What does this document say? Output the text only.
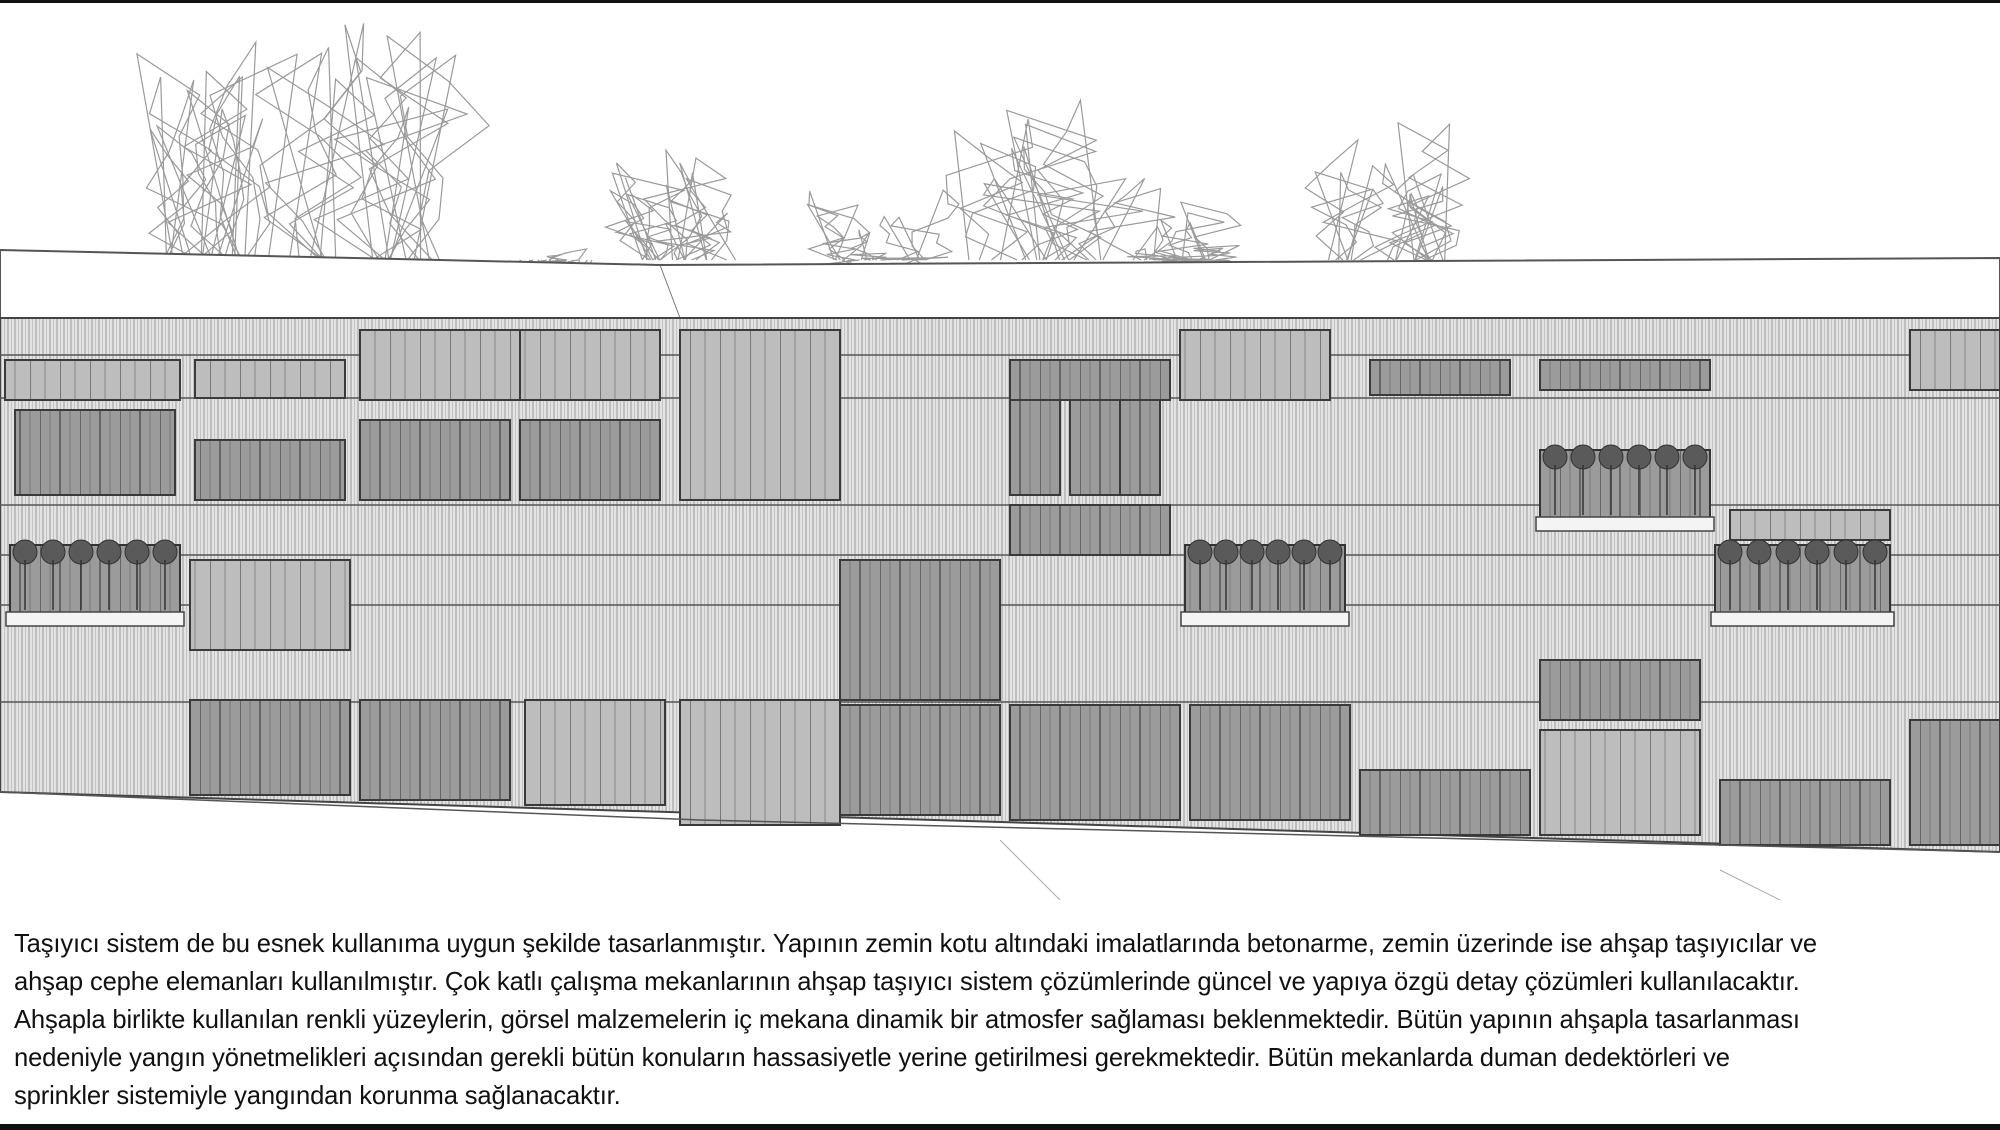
Taşıyıcı sistem de bu esnek kullanıma uygun şekilde tasarlanmıştır. Yapının zemin kotu altındaki imalatlarında betonarme, zemin üzerinde ise ahşap taşıyıcılar ve
ahşap cephe elemanları kullanılmıştır. Çok katlı çalışma mekanlarının ahşap taşıyıcı sistem çözümlerinde güncel ve yapıya özgü detay çözümleri kullanılacaktır.
Ahşapla birlikte kullanılan renkli yüzeylerin, görsel malzemelerin iç mekana dinamik bir atmosfer sağlaması beklenmektedir. Bütün yapının ahşapla tasarlanması
nedeniyle yangın yönetmelikleri açısından gerekli bütün konuların hassasiyetle yerine getirilmesi gerekmektedir. Bütün mekanlarda duman dedektörleri ve
sprinkler sistemiyle yangından korunma sağlanacaktır.
